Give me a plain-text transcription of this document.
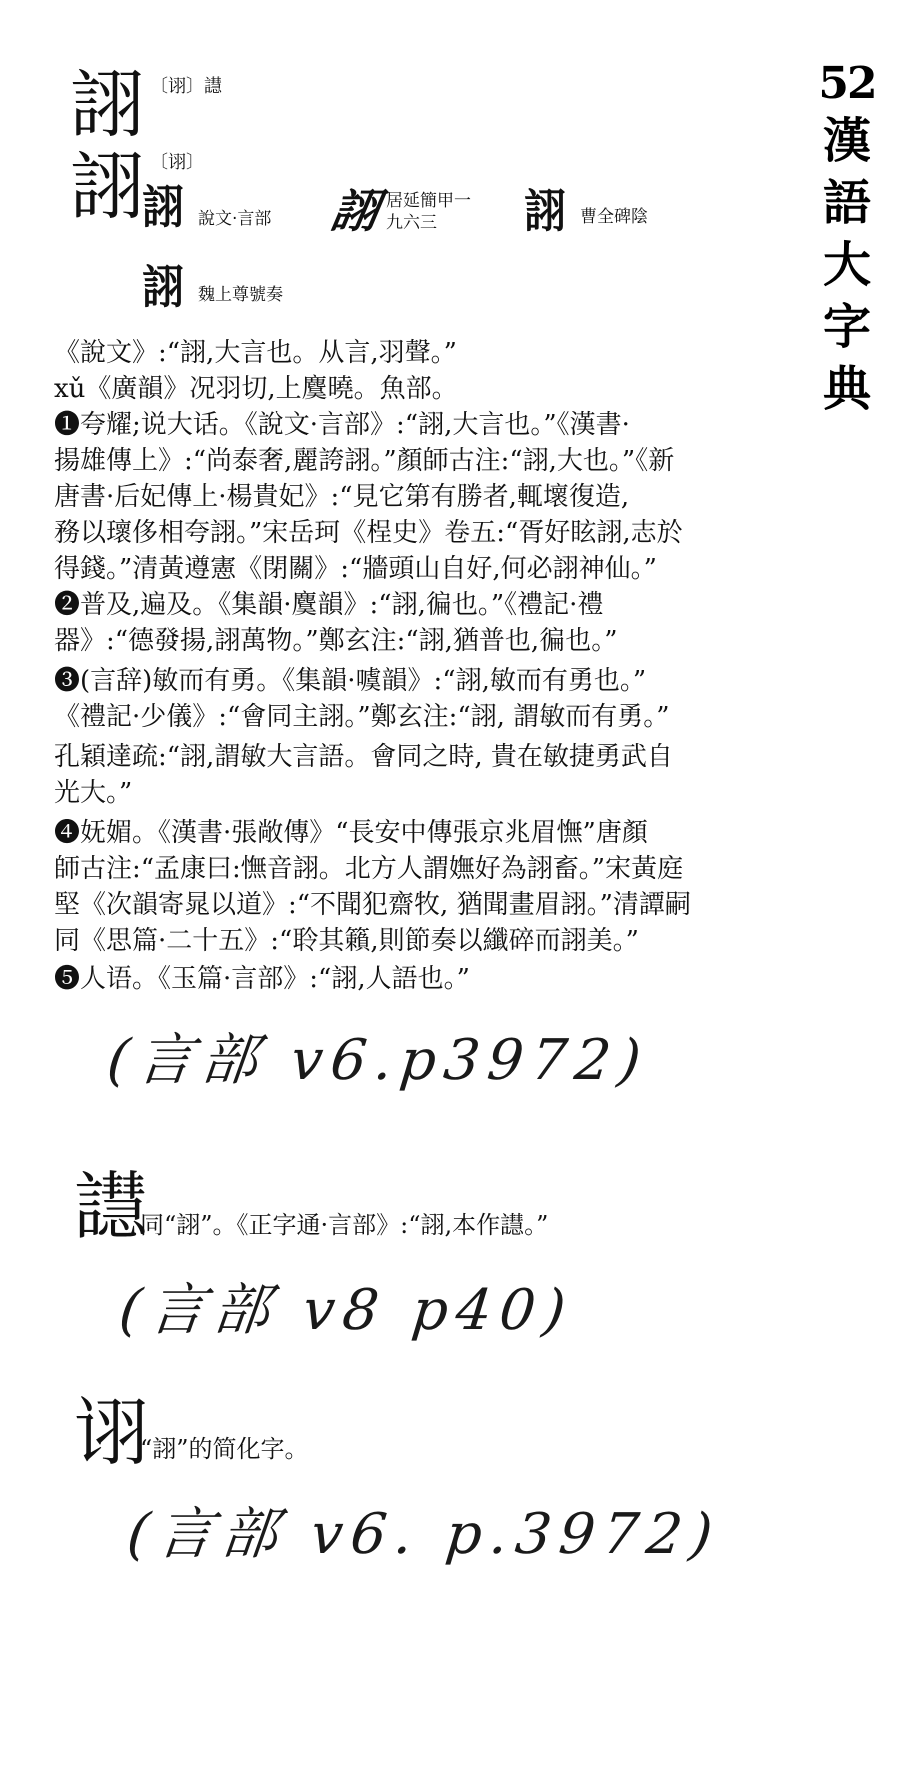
52
漢
語
大
字
典
詡 〔诩〕譿
詡 〔诩〕
詡 說文·言部 詡 居延簡甲一
九六三	詡 曹全碑陰
詡 魏上尊號奏
《說文》:“詡,大言也。从言,羽聲。”
xǔ《廣韻》况羽切,上麌曉。魚部。
❶夸耀;说大话。《說文·言部》:“詡,大言也。”《漢書·
揚雄傳上》:“尚泰奢,麗誇詡。”顏師古注:“詡,大也。”《新
唐書·后妃傳上·楊貴妃》:“見它第有勝者,輒壞復造,
務以瓌侈相夸詡。”宋岳珂《桯史》卷五:“胥好眩詡,志於
得錢。”清黃遵憲《閉關》:“牆頭山自好,何必詡神仙。”
❷普及,遍及。《集韻·麌韻》:“詡,徧也。”《禮記·禮
器》:“德發揚,詡萬物。”鄭玄注:“詡,猶普也,徧也。”
❸(言辞)敏而有勇。《集韻·噳韻》:“詡,敏而有勇也。”
《禮記·少儀》:“會同主詡。”鄭玄注:“詡, 謂敏而有勇。”
孔穎達疏:“詡,謂敏大言語。會同之時, 貴在敏捷勇武自
光大。”
❹妩媚。《漢書·張敞傳》“長安中傳張京兆眉憮”唐顏
師古注:“孟康曰:憮音詡。北方人謂嫵好為詡畜。”宋黃庭
堅《次韻寄晁以道》:“不聞犯齋牧, 猶聞畫眉詡。”清譚嗣
同《思篇·二十五》:“聆其籟,則節奏以纖碎而詡美。”
❺人语。《玉篇·言部》:“詡,人語也。”
(言部 v6.p3972)
譿
同“詡”。《正字通·言部》:“詡,本作譿。”
(言部 v8 p40)
诩
“詡”的简化字。
(言部 v6. p.3972)
